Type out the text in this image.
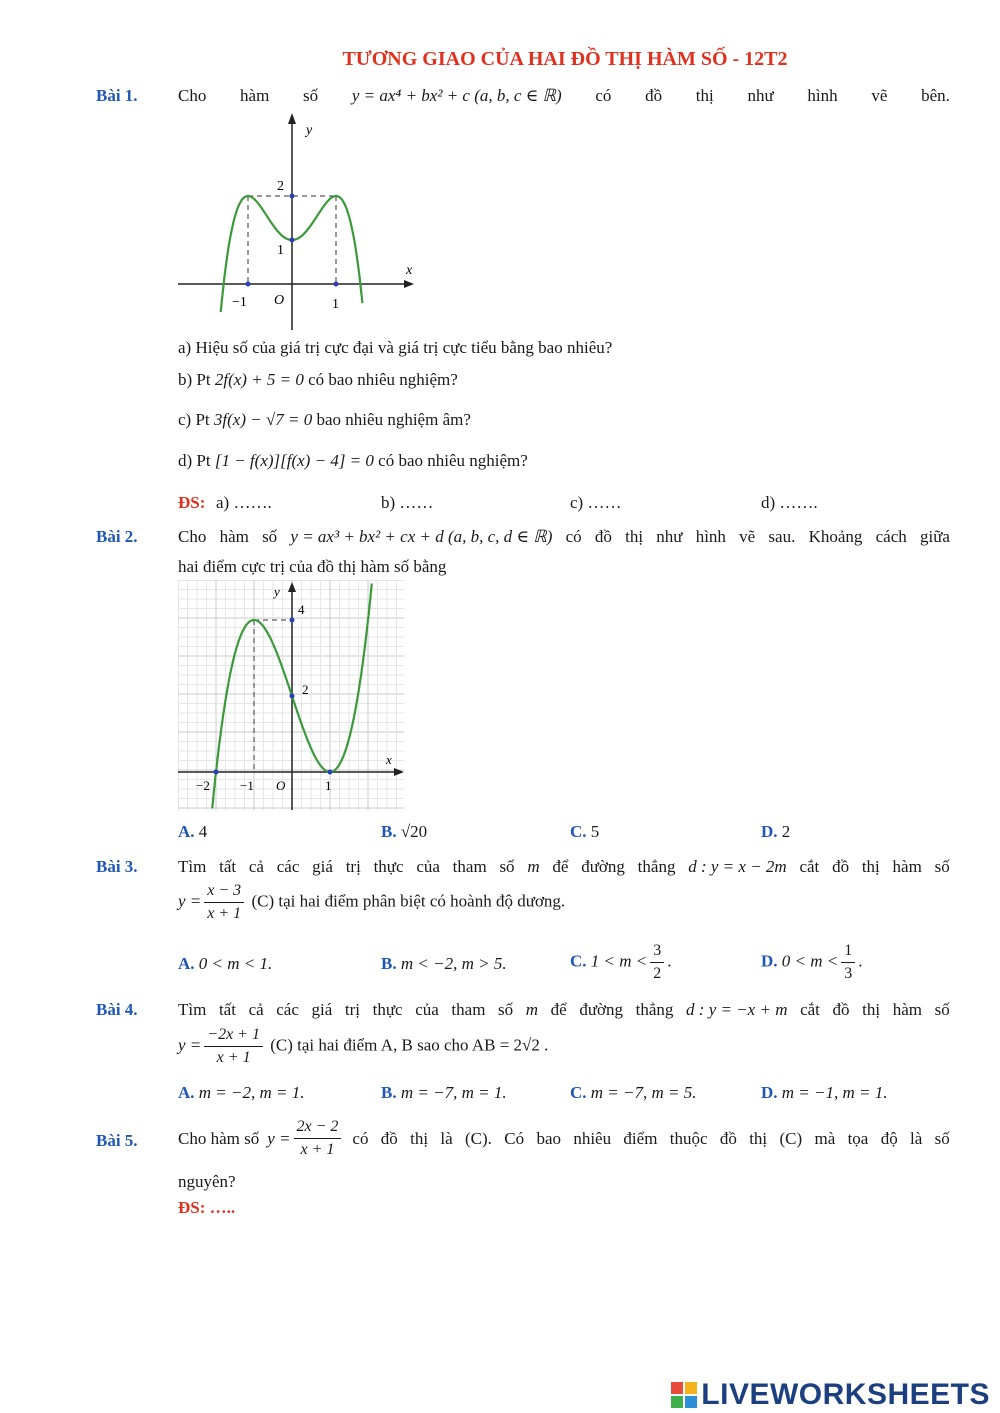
TƯƠNG GIAO CỦA HAI ĐỒ THỊ HÀM SỐ - 12T2
Bài 1. Cho hàm số y = ax⁴ + bx² + c (a, b, c ∈ ℝ) có đồ thị như hình vẽ bên.
x
y
2
1
−1	1
O
a) Hiệu số của giá trị cực đại và giá trị cực tiểu bằng bao nhiêu?
b) Pt 2f(x) + 5 = 0 có bao nhiêu nghiệm?
c) Pt 3f(x) − √7 = 0 bao nhiêu nghiệm âm?
d) Pt [1 − f(x)][f(x) − 4] = 0 có bao nhiêu nghiệm?
ĐS: a) …….	b) ……	c) ……	d) …….
Bài 2. Cho hàm số y = ax³ + bx² + cx + d (a, b, c, d ∈ ℝ) có đồ thị như hình vẽ sau. Khoảng cách giữa
hai điểm cực trị của đồ thị hàm số bằng
x
y
4
2
−2 −1	1
O
A. 4	B. √20	C. 5	D. 2
Bài 3. Tìm tất cả các giá trị thực của tham số m để đường thẳng d : y = x − 2m cắt đồ thị hàm số
$y = \frac{x - 3}{x + 1} (C)$ tại hai điểm phân biệt có hoành độ dương.
A. 0 < m < 1.	B. m < −2, m > 5.	C. $1 < m < \frac{3}{2}$ .	D. $0 < m < \frac{1}{3}$ .
Bài 4. Tìm tất cả các giá trị thực của tham số m để đường thẳng d : y = −x + m cắt đồ thị hàm số
$y = \frac{-2x + 1}{x + 1} (C)$ tại hai điểm A, B sao cho AB = 2√2 .
A. m = −2, m = 1.	B. m = −7, m = 1.	C. m = −7, m = 5.	D. m = −1, m = 1.
Bài 5. Cho hàm số $y = \frac{2x - 2}{x + 1}$ có đồ thị là (C). Có bao nhiêu điểm thuộc đồ thị (C) mà tọa độ là số
nguyên?
ĐS: …..
LIVEWORKSHEETS
